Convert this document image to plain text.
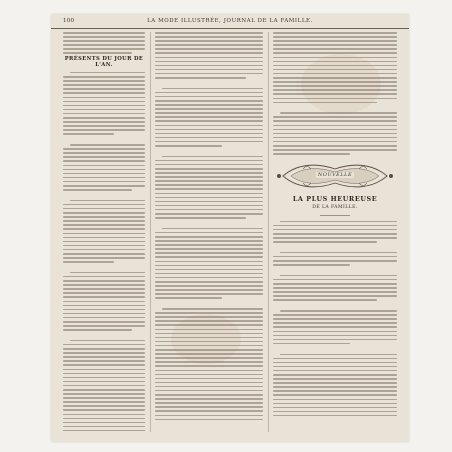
100	LA MODE ILLUSTRÉE, JOURNAL DE LA FAMILLE.
PRÉSENTS DU JOUR DE L'AN.
NOUVELLE
LA PLUS HEUREUSE
DE LA FAMILLE.
